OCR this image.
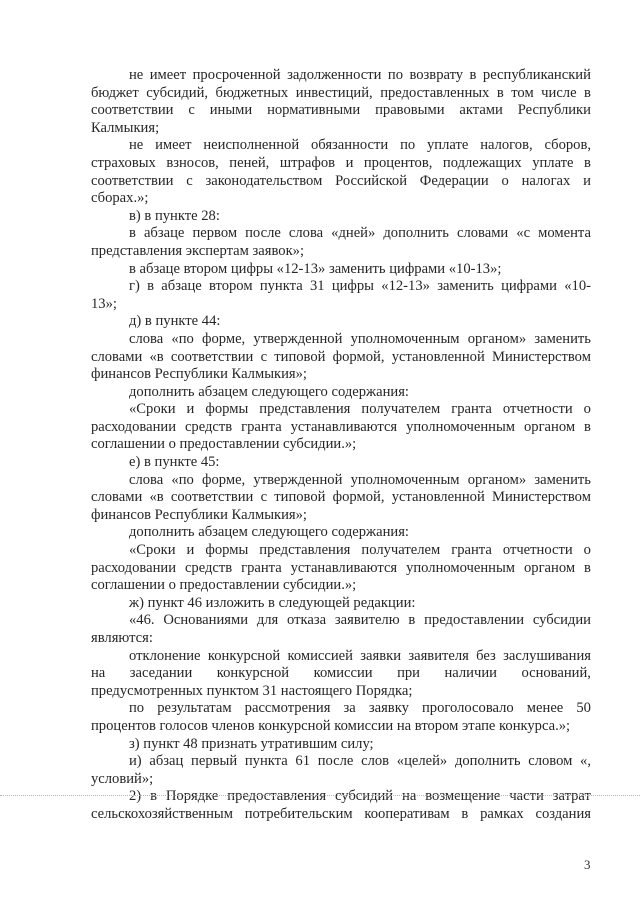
не имеет просроченной задолженности по возврату в республиканский
бюджет субсидий, бюджетных инвестиций, предоставленных в том числе в
соответствии с иными нормативными правовыми актами Республики
Калмыкия;
не имеет неисполненной обязанности по уплате налогов, сборов,
страховых взносов, пеней, штрафов и процентов, подлежащих уплате в
соответствии с законодательством Российской Федерации о налогах и
сборах.»;
в) в пункте 28:
в абзаце первом после слова «дней» дополнить словами «с момента
представления экспертам заявок»;
в абзаце втором цифры «12-13» заменить цифрами «10-13»;
г) в абзаце втором пункта 31 цифры «12-13» заменить цифрами «10-
13»;
д) в пункте 44:
слова «по форме, утвержденной уполномоченным органом» заменить
словами «в соответствии с типовой формой, установленной Министерством
финансов Республики Калмыкия»;
дополнить абзацем следующего содержания:
«Сроки и формы представления получателем гранта отчетности о
расходовании средств гранта устанавливаются уполномоченным органом в
соглашении о предоставлении субсидии.»;
е) в пункте 45:
слова «по форме, утвержденной уполномоченным органом» заменить
словами «в соответствии с типовой формой, установленной Министерством
финансов Республики Калмыкия»;
дополнить абзацем следующего содержания:
«Сроки и формы представления получателем гранта отчетности о
расходовании средств гранта устанавливаются уполномоченным органом в
соглашении о предоставлении субсидии.»;
ж) пункт 46 изложить в следующей редакции:
«46. Основаниями для отказа заявителю в предоставлении субсидии
являются:
отклонение конкурсной комиссией заявки заявителя без заслушивания
на заседании конкурсной комиссии при наличии оснований,
предусмотренных пунктом 31 настоящего Порядка;
по результатам рассмотрения за заявку проголосовало менее 50
процентов голосов членов конкурсной комиссии на втором этапе конкурса.»;
з) пункт 48 признать утратившим силу;
и) абзац первый пункта 61 после слов «целей» дополнить словом «,
условий»;
2) в Порядке предоставления субсидий на возмещение части затрат
сельскохозяйственным потребительским кооперативам в рамках создания
3
